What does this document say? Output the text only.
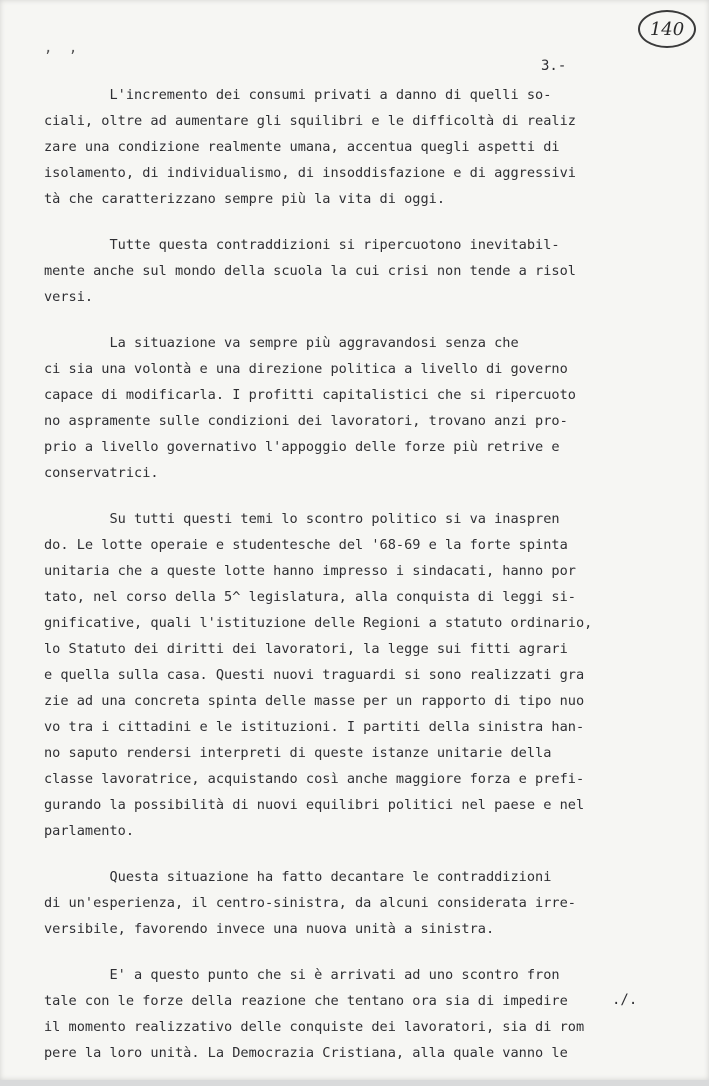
140
, ,
3.-
L'incremento dei consumi privati a danno di quelli so-
ciali, oltre ad aumentare gli squilibri e le difficoltà di realiz
zare una condizione realmente umana, accentua quegli aspetti di
isolamento, di individualismo, di insoddisfazione e di aggressivi
tà che caratterizzano sempre più la vita di oggi.
Tutte questa contraddizioni si ripercuotono inevitabil-
mente anche sul mondo della scuola la cui crisi non tende a risol
versi.
La situazione va sempre più aggravandosi senza che
ci sia una volontà e una direzione politica a livello di governo
capace di modificarla. I profitti capitalistici che si ripercuoto
no aspramente sulle condizioni dei lavoratori, trovano anzi pro-
prio a livello governativo l'appoggio delle forze più retrive e
conservatrici.
Su tutti questi temi lo scontro politico si va inaspren
do. Le lotte operaie e studentesche del '68-69 e la forte spinta
unitaria che a queste lotte hanno impresso i sindacati, hanno por
tato, nel corso della 5^ legislatura, alla conquista di leggi si-
gnificative, quali l'istituzione delle Regioni a statuto ordinario,
lo Statuto dei diritti dei lavoratori, la legge sui fitti agrari
e quella sulla casa. Questi nuovi traguardi si sono realizzati gra
zie ad una concreta spinta delle masse per un rapporto di tipo nuo
vo tra i cittadini e le istituzioni. I partiti della sinistra han-
no saputo rendersi interpreti di queste istanze unitarie della
classe lavoratrice, acquistando così anche maggiore forza e prefi-
gurando la possibilità di nuovi equilibri politici nel paese e nel
parlamento.
Questa situazione ha fatto decantare le contraddizioni
di un'esperienza, il centro-sinistra, da alcuni considerata irre-
versibile, favorendo invece una nuova unità a sinistra.
E' a questo punto che si è arrivati ad uno scontro fron
tale con le forze della reazione che tentano ora sia di impedire
il momento realizzativo delle conquiste dei lavoratori, sia di rom
pere la loro unità. La Democrazia Cristiana, alla quale vanno le
./.
